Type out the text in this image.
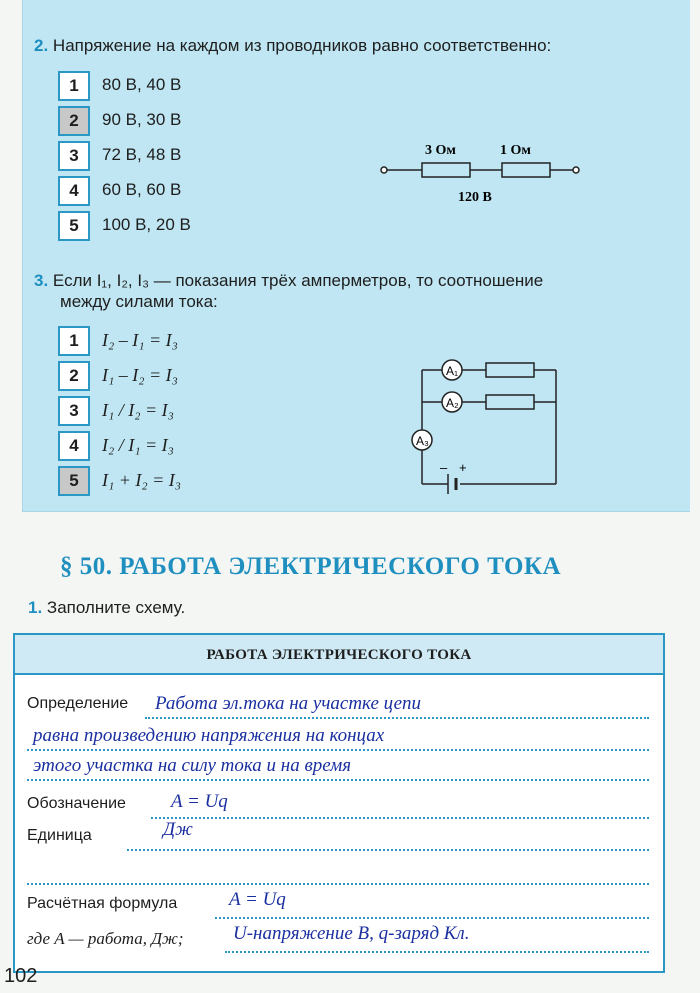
2. Напряжение на каждом из проводников равно соответственно:
1	80 В, 40 В
2	90 В, 30 В
3	72 В, 48 В
4	60 В, 60 В
5	100 В, 20 В
3 Ом	1 Ом
120 В
3. Если I₁, I₂, I₃ — показания трёх амперметров, то соотношение
между силами тока:
1	I₂ – I₁ = I₃
2	I₁ – I₂ = I₃
3	I₁ / I₂ = I₃
4	I₂ / I₁ = I₃
5	I₁ + I₂ = I₃
A₁
A₂
A₃
– +
§ 50. РАБОТА ЭЛЕКТРИЧЕСКОГО ТОКА
1. Заполните схему.
РАБОТА ЭЛЕКТРИЧЕСКОГО ТОКА
Определение Работа эл.тока на участке цепи
равна произведению напряжения на концах
этого участка на силу тока и на время
Обозначение A = Uq
Единица	Дж
Расчётная формула	A = Uq
где A — работа, Дж;	U-напряжение В, q-заряд Кл.
102
